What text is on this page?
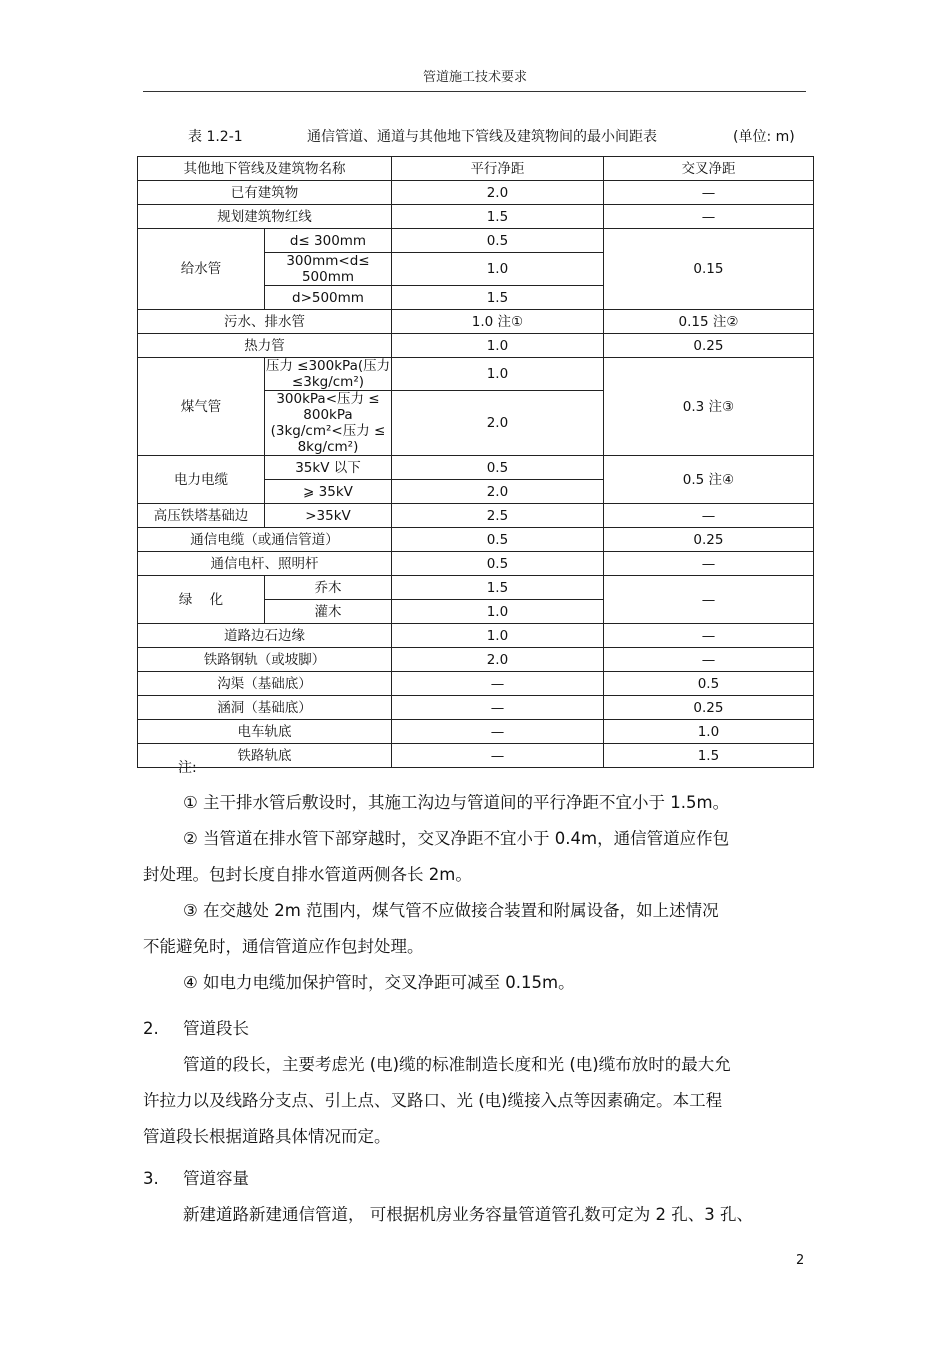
管道施工技术要求
表 1.2-1	通信管道、通道与其他地下管线及建筑物间的最小间距表	(单位: m)
其他地下管线及建筑物名称		平行净距	交叉净距
已有建筑物		2.0	—
规划建筑物红线		1.5	—
给水管	d≤ 300mm	0.5	0.15
	300mm<d≤ 500mm	1.0	
	d>500mm	1.5	
污水、排水管		1.0 注①	0.15 注②
热力管		1.0	0.25
煤气管	压力 ≤300kPa(压力 ≤3kg/cm²)	1.0	0.3 注③

	300kPa<压力 ≤ 800kPa
(3kg/cm²<压力 ≤ 8kg/cm²)	2.0	
电力电缆	35kV 以下	0.5	0.5 注④
	⩾ 35kV	2.0	
高压铁塔基础边	>35kV	2.5	—
通信电缆（或通信管道）		0.5	0.25
通信电杆、照明杆		0.5	—
绿    化	乔木	1.5	—
	灌木	1.0	
道路边石边缘		1.0	—
铁路钢轨（或坡脚）		2.0	—
沟渠（基础底）		—	0.5
涵洞（基础底）		—	0.25
电车轨底		—	1.0
铁路轨底		—	1.5
注:
① 主干排水管后敷设时，其施工沟边与管道间的平行净距不宜小于 1.5m。
② 当管道在排水管下部穿越时，交叉净距不宜小于 0.4m，通信管道应作包
封处理。包封长度自排水管道两侧各长 2m。
③ 在交越处 2m 范围内，煤气管不应做接合装置和附属设备，如上述情况
不能避免时，通信管道应作包封处理。
④ 如电力电缆加保护管时，交叉净距可减至 0.15m。
2. 管道段长
管道的段长，主要考虑光 (电)缆的标准制造长度和光 (电)缆布放时的最大允
许拉力以及线路分支点、引上点、叉路口、光 (电)缆接入点等因素确定。本工程
管道段长根据道路具体情况而定。
3. 管道容量
新建道路新建通信管道， 可根据机房业务容量管道管孔数可定为 2 孔、3 孔、
2
